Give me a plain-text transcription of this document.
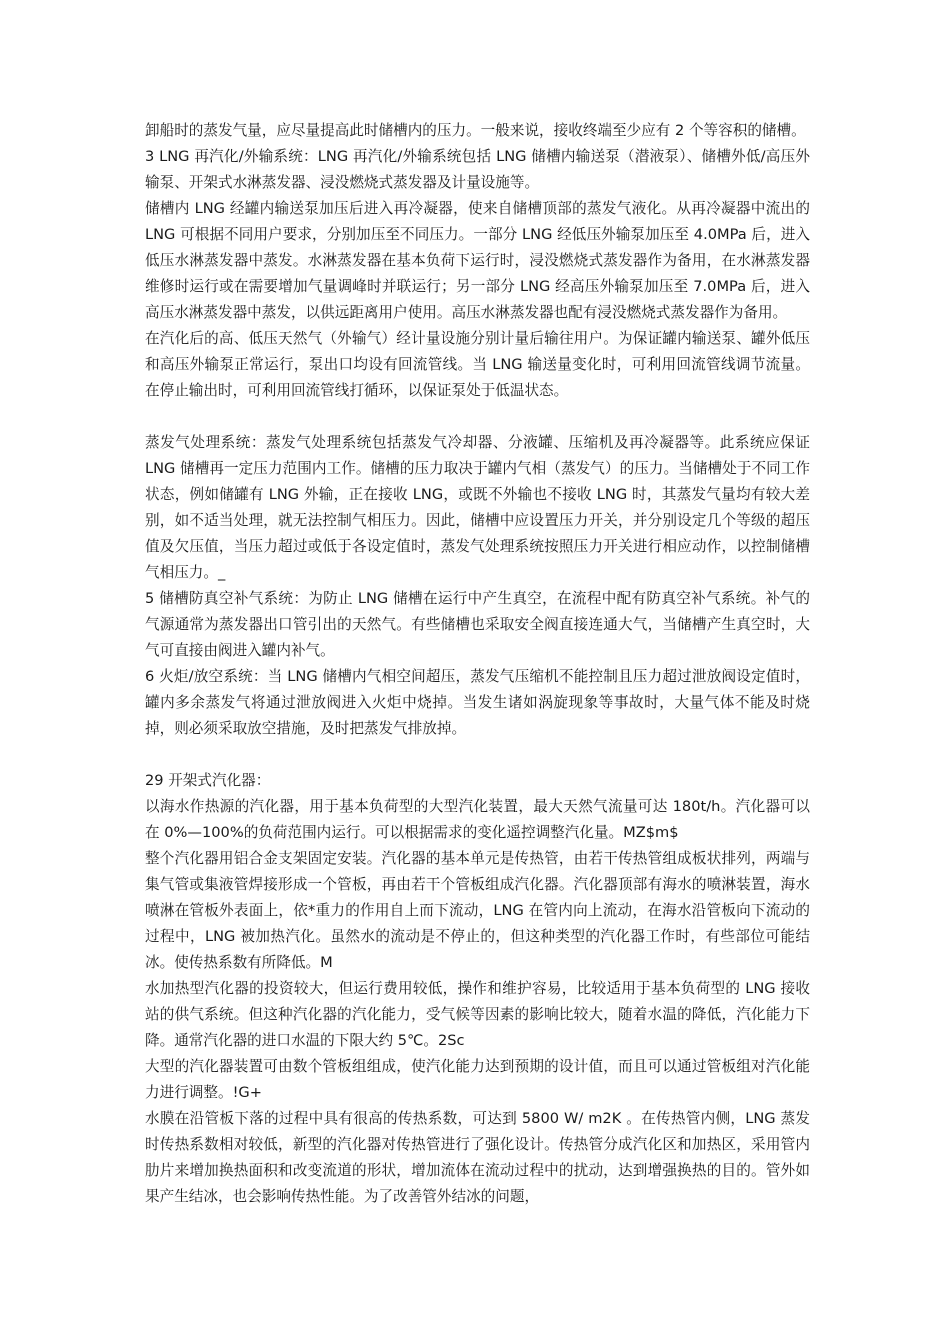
卸船时的蒸发气量，应尽量提高此时储槽内的压力。一般来说，接收终端至少应有 2 个等容积的储槽。

3 LNG 再汽化/外输系统：LNG 再汽化/外输系统包括 LNG 储槽内输送泵（潜液泵）、储槽外低/高压外输泵、开架式水淋蒸发器、浸没燃烧式蒸发器及计量设施等。

储槽内 LNG 经罐内输送泵加压后进入再冷凝器，使来自储槽顶部的蒸发气液化。从再冷凝器中流出的 LNG 可根据不同用户要求，分别加压至不同压力。一部分 LNG 经低压外输泵加压至 4.0MPa 后，进入低压水淋蒸发器中蒸发。水淋蒸发器在基本负荷下运行时，浸没燃烧式蒸发器作为备用，在水淋蒸发器维修时运行或在需要增加气量调峰时并联运行；另一部分 LNG 经高压外输泵加压至 7.0MPa 后，进入高压水淋蒸发器中蒸发，以供远距离用户使用。高压水淋蒸发器也配有浸没燃烧式蒸发器作为备用。

在汽化后的高、低压天然气（外输气）经计量设施分别计量后输往用户。为保证罐内输送泵、罐外低压和高压外输泵正常运行，泵出口均设有回流管线。当 LNG 输送量变化时，可利用回流管线调节流量。在停止输出时，可利用回流管线打循环，以保证泵处于低温状态。

蒸发气处理系统：蒸发气处理系统包括蒸发气冷却器、分液罐、压缩机及再冷凝器等。此系统应保证 LNG 储槽再一定压力范围内工作。储槽的压力取决于罐内气相（蒸发气）的压力。当储槽处于不同工作状态，例如储罐有 LNG 外输，正在接收 LNG，或既不外输也不接收 LNG 时，其蒸发气量均有较大差别，如不适当处理，就无法控制气相压力。因此，储槽中应设置压力开关，并分别设定几个等级的超压值及欠压值，当压力超过或低于各设定值时，蒸发气处理系统按照压力开关进行相应动作，以控制储槽气相压力。_

5 储槽防真空补气系统：为防止 LNG 储槽在运行中产生真空，在流程中配有防真空补气系统。补气的气源通常为蒸发器出口管引出的天然气。有些储槽也采取安全阀直接连通大气，当储槽产生真空时，大气可直接由阀进入罐内补气。

6 火炬/放空系统：当 LNG 储槽内气相空间超压，蒸发气压缩机不能控制且压力超过泄放阀设定值时，罐内多余蒸发气将通过泄放阀进入火炬中烧掉。当发生诸如涡旋现象等事故时，大量气体不能及时烧掉，则必须采取放空措施，及时把蒸发气排放掉。

29 开架式汽化器：

以海水作热源的汽化器，用于基本负荷型的大型汽化装置，最大天然气流量可达 180t/h。汽化器可以在 0%—100%的负荷范围内运行。可以根据需求的变化遥控调整汽化量。MZ$m$

整个汽化器用铝合金支架固定安装。汽化器的基本单元是传热管，由若干传热管组成板状排列，两端与集气管或集液管焊接形成一个管板，再由若干个管板组成汽化器。汽化器顶部有海水的喷淋装置，海水喷淋在管板外表面上，依*重力的作用自上而下流动，LNG 在管内向上流动，在海水沿管板向下流动的过程中，LNG 被加热汽化。虽然水的流动是不停止的，但这种类型的汽化器工作时，有些部位可能结冰。使传热系数有所降低。M

水加热型汽化器的投资较大，但运行费用较低，操作和维护容易，比较适用于基本负荷型的 LNG 接收站的供气系统。但这种汽化器的汽化能力，受气候等因素的影响比较大，随着水温的降低，汽化能力下降。通常汽化器的进口水温的下限大约 5℃。2Sc

大型的汽化器装置可由数个管板组组成，使汽化能力达到预期的设计值，而且可以通过管板组对汽化能力进行调整。!G+

水膜在沿管板下落的过程中具有很高的传热系数，可达到 5800 W/ m2K 。在传热管内侧，LNG 蒸发时传热系数相对较低，新型的汽化器对传热管进行了强化设计。传热管分成汽化区和加热区，采用管内肋片来增加换热面积和改变流道的形状，增加流体在流动过程中的扰动，达到增强换热的目的。管外如果产生结冰，也会影响传热性能。为了改善管外结冰的问题，
